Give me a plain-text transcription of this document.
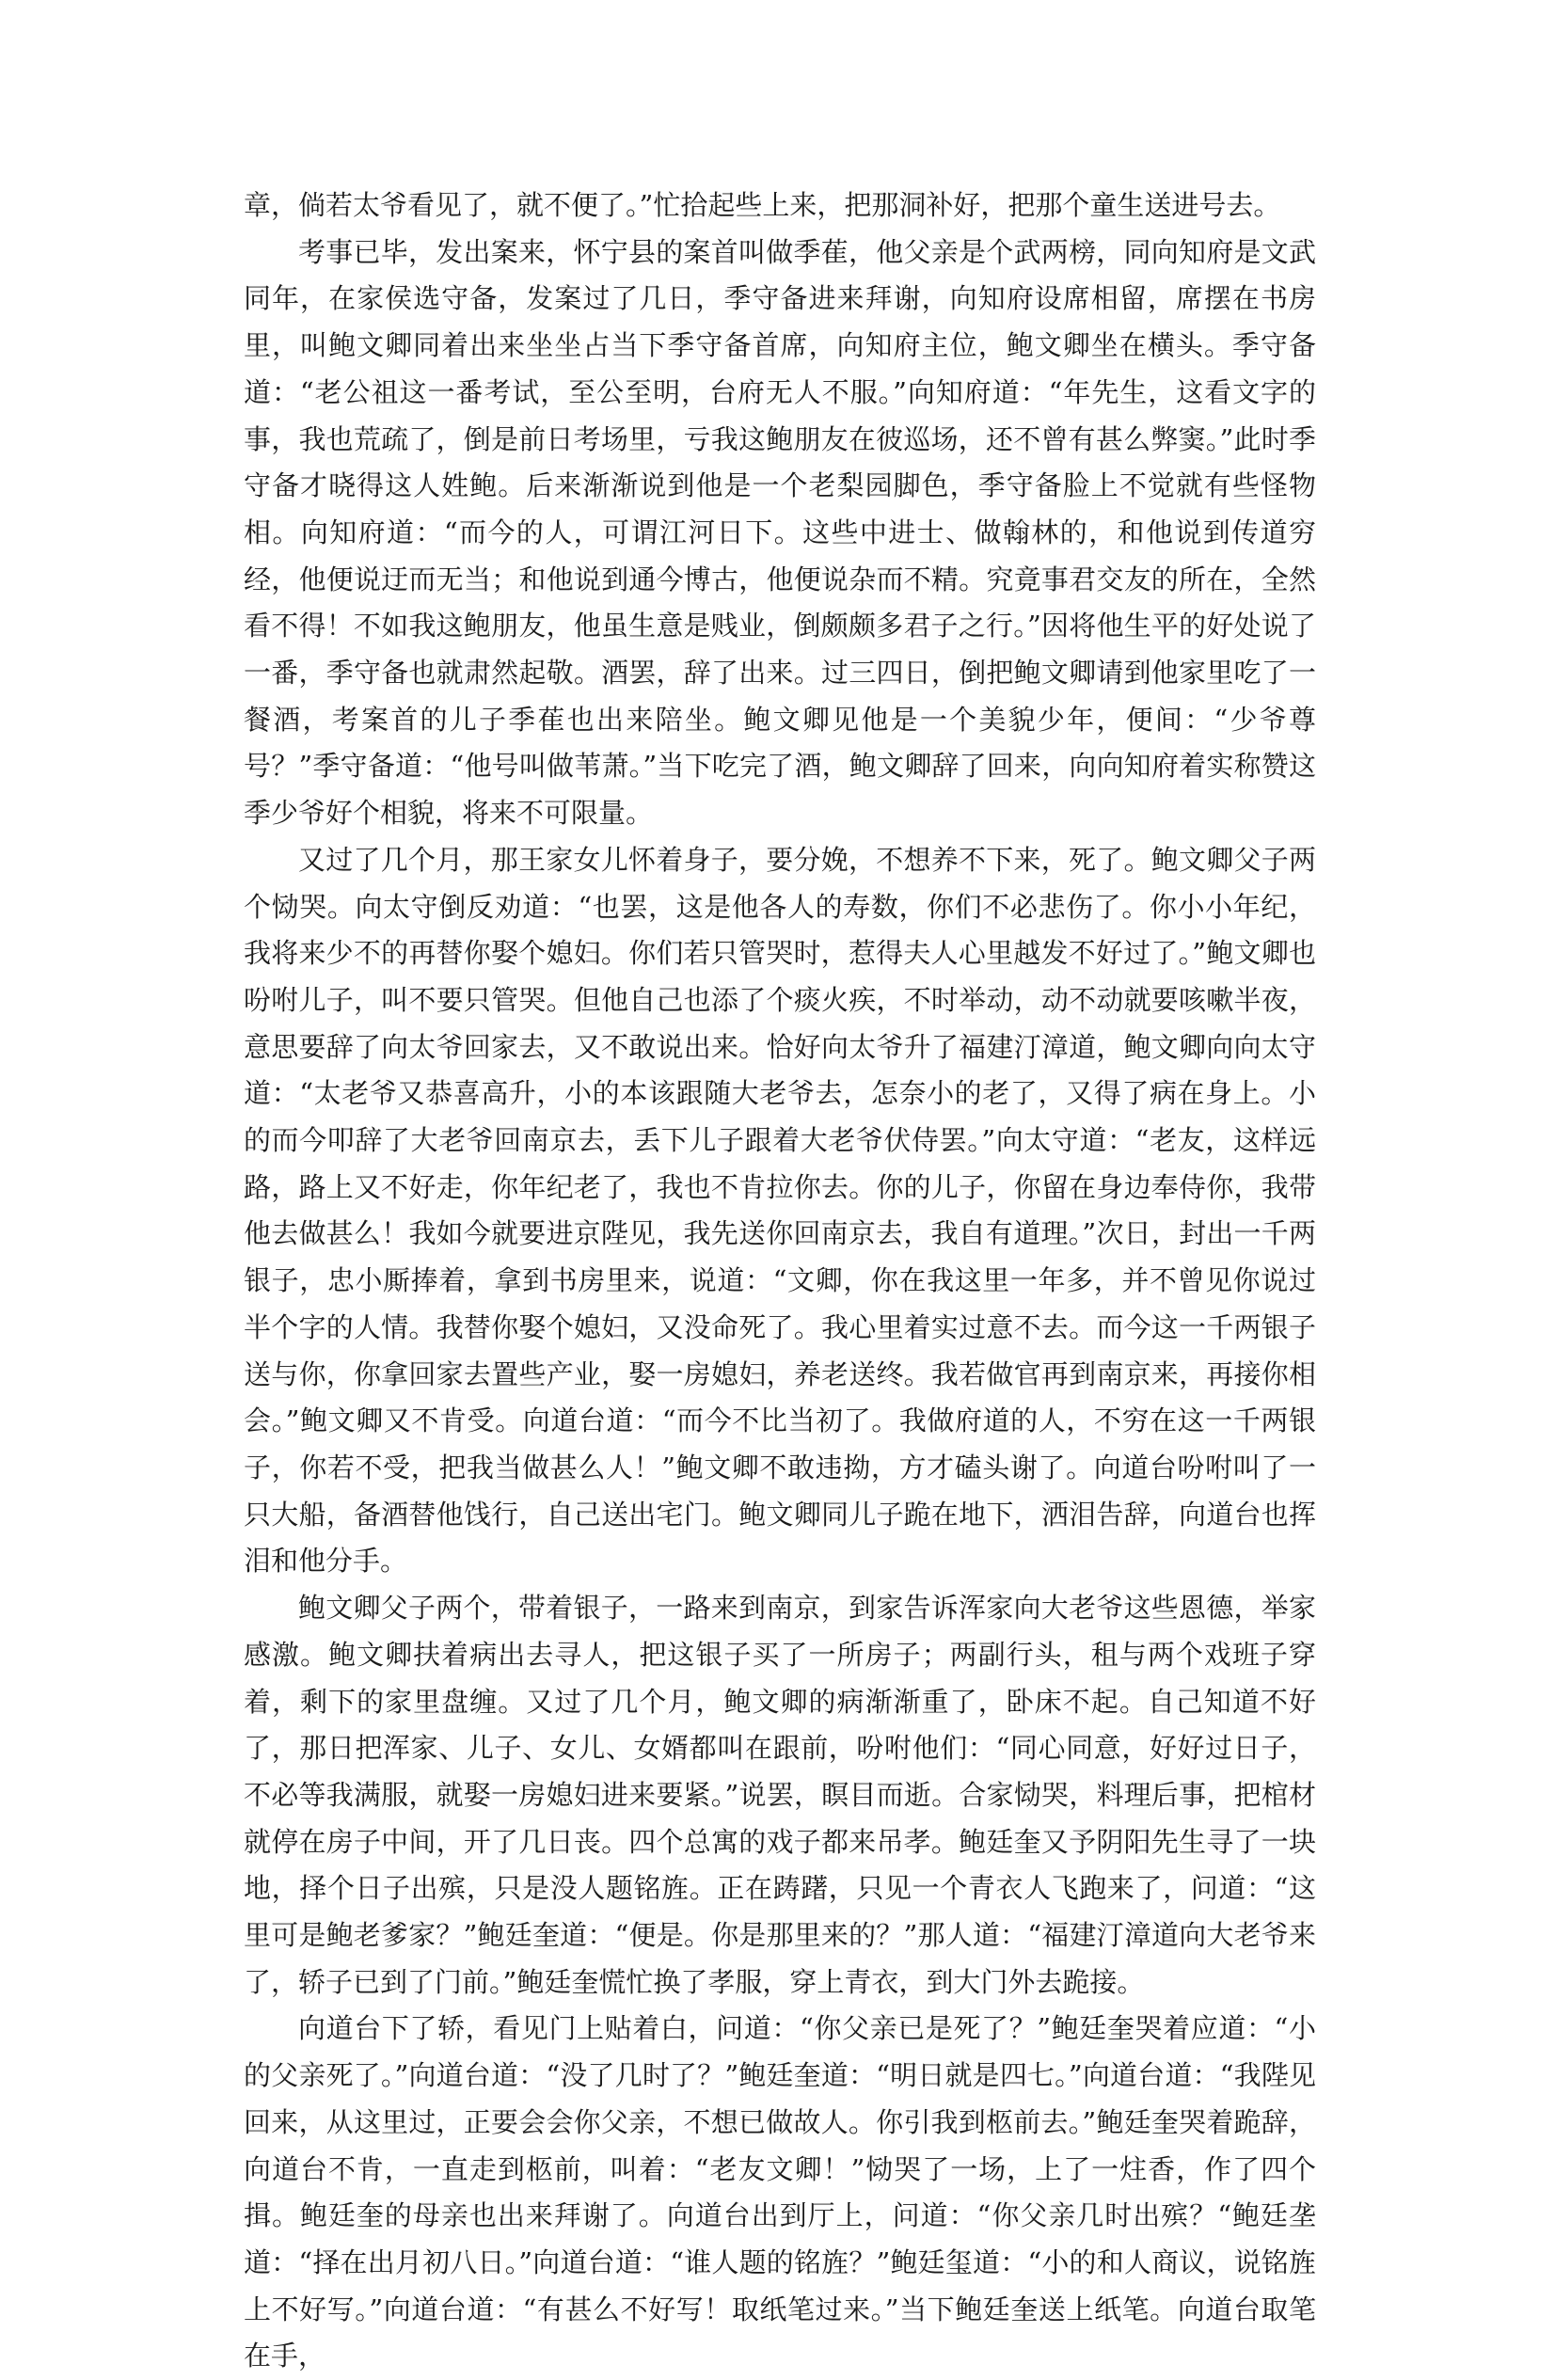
章，倘若太爷看见了，就不便了。”忙拾起些上来，把那洞补好，把那个童生送进号去。

考事已毕，发出案来，怀宁县的案首叫做季萑，他父亲是个武两榜，同向知府是文武同年，在家侯选守备，发案过了几日，季守备进来拜谢，向知府设席相留，席摆在书房里，叫鲍文卿同着出来坐坐占当下季守备首席，向知府主位，鲍文卿坐在横头。季守备道：“老公祖这一番考试，至公至明，台府无人不服。”向知府道：“年先生，这看文字的事，我也荒疏了，倒是前日考场里，亏我这鲍朋友在彼巡场，还不曾有甚么弊窦。”此时季守备才晓得这人姓鲍。后来渐渐说到他是一个老梨园脚色，季守备脸上不觉就有些怪物相。向知府道：“而今的人，可谓江河日下。这些中进士、做翰林的，和他说到传道穷经，他便说迂而无当；和他说到通今博古，他便说杂而不精。究竟事君交友的所在，全然看不得！不如我这鲍朋友，他虽生意是贱业，倒颇颇多君子之行。”因将他生平的好处说了一番，季守备也就肃然起敬。酒罢，辞了出来。过三四日，倒把鲍文卿请到他家里吃了一餐酒，考案首的儿子季萑也出来陪坐。鲍文卿见他是一个美貌少年，便间：“少爷尊号？”季守备道：“他号叫做苇萧。”当下吃完了酒，鲍文卿辞了回来，向向知府着实称赞这季少爷好个相貌，将来不可限量。

又过了几个月，那王家女儿怀着身子，要分娩，不想养不下来，死了。鲍文卿父子两个恸哭。向太守倒反劝道：“也罢，这是他各人的寿数，你们不必悲伤了。你小小年纪，我将来少不的再替你娶个媳妇。你们若只管哭时，惹得夫人心里越发不好过了。”鲍文卿也吩咐儿子，叫不要只管哭。但他自己也添了个痰火疾，不时举动，动不动就要咳嗽半夜，意思要辞了向太爷回家去，又不敢说出来。恰好向太爷升了福建汀漳道，鲍文卿向向太守道：“太老爷又恭喜高升，小的本该跟随大老爷去，怎奈小的老了，又得了病在身上。小的而今叩辞了大老爷回南京去，丢下儿子跟着大老爷伏侍罢。”向太守道：“老友，这样远路，路上又不好走，你年纪老了，我也不肯拉你去。你的儿子，你留在身边奉侍你，我带他去做甚么！我如今就要进京陛见，我先送你回南京去，我自有道理。”次日，封出一千两银子，忠小厮捧着，拿到书房里来，说道：“文卿，你在我这里一年多，并不曾见你说过半个字的人情。我替你娶个媳妇，又没命死了。我心里着实过意不去。而今这一千两银子送与你，你拿回家去置些产业，娶一房媳妇，养老送终。我若做官再到南京来，再接你相会。”鲍文卿又不肯受。向道台道：“而今不比当初了。我做府道的人，不穷在这一千两银子，你若不受，把我当做甚么人！”鲍文卿不敢违拗，方才磕头谢了。向道台吩咐叫了一只大船，备酒替他饯行，自己送出宅门。鲍文卿同儿子跪在地下，洒泪告辞，向道台也挥泪和他分手。

鲍文卿父子两个，带着银子，一路来到南京，到家告诉浑家向大老爷这些恩德，举家感激。鲍文卿扶着病出去寻人，把这银子买了一所房子；两副行头，租与两个戏班子穿着，剩下的家里盘缠。又过了几个月，鲍文卿的病渐渐重了，卧床不起。自己知道不好了，那日把浑家、儿子、女儿、女婿都叫在跟前，吩咐他们：“同心同意，好好过日子，不必等我满服，就娶一房媳妇进来要紧。”说罢，瞑目而逝。合家恸哭，料理后事，把棺材就停在房子中间，开了几日丧。四个总寓的戏子都来吊孝。鲍廷奎又予阴阳先生寻了一块地，择个日子出殡，只是没人题铭旌。正在踌躇，只见一个青衣人飞跑来了，问道：“这里可是鲍老爹家？”鲍廷奎道：“便是。你是那里来的？”那人道：“福建汀漳道向大老爷来了，轿子已到了门前。”鲍廷奎慌忙换了孝服，穿上青衣，到大门外去跪接。

向道台下了轿，看见门上贴着白，问道：“你父亲已是死了？”鲍廷奎哭着应道：“小的父亲死了。”向道台道：“没了几时了？”鲍廷奎道：“明日就是四七。”向道台道：“我陛见回来，从这里过，正要会会你父亲，不想已做故人。你引我到柩前去。”鲍廷奎哭着跪辞，向道台不肯，一直走到柩前，叫着：“老友文卿！”恸哭了一场，上了一炷香，作了四个揖。鲍廷奎的母亲也出来拜谢了。向道台出到厅上，问道：“你父亲几时出殡？“鲍廷垄道：“择在出月初八日。”向道台道：“谁人题的铭旌？”鲍廷玺道：“小的和人商议，说铭旌上不好写。”向道台道：“有甚么不好写！取纸笔过来。”当下鲍廷奎送上纸笔。向道台取笔在手，
